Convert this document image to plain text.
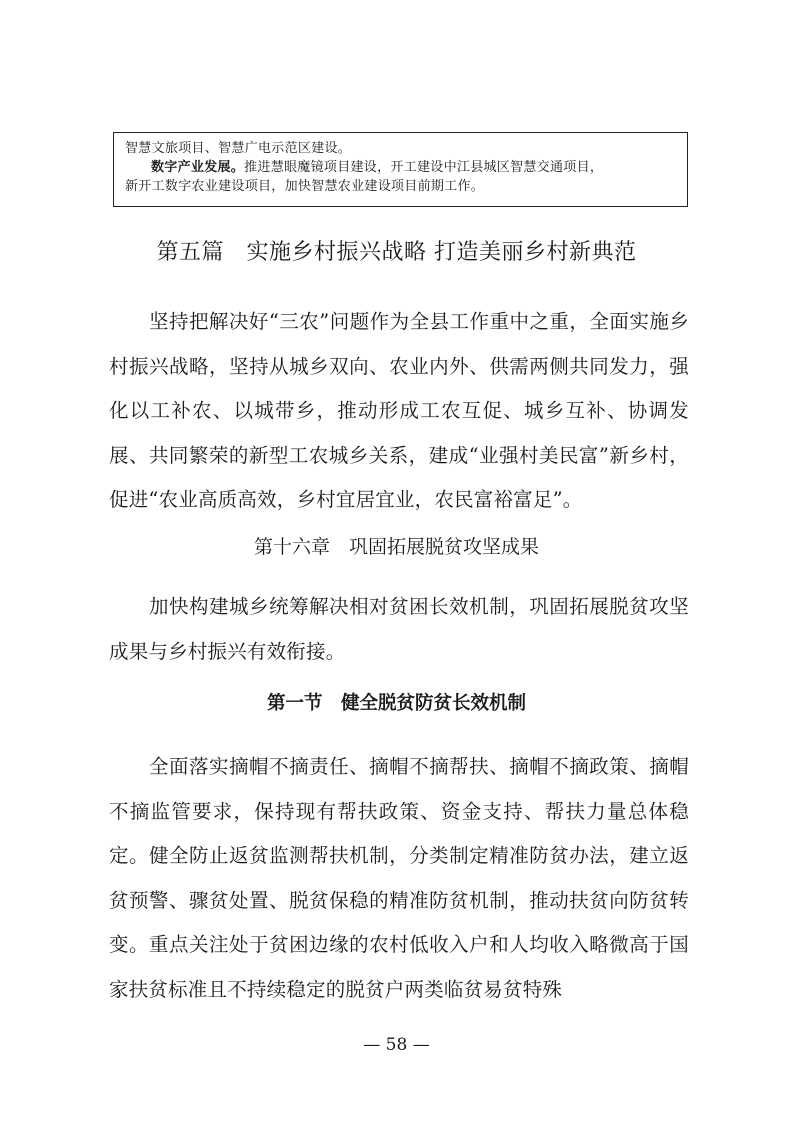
智慧文旅项目、智慧广电示范区建设。

数字产业发展。推进慧眼魔镜项目建设，开工建设中江县城区智慧交通项目，

新开工数字农业建设项目，加快智慧农业建设项目前期工作。

第五篇　实施乡村振兴战略 打造美丽乡村新典范

坚持把解决好“三农”问题作为全县工作重中之重，全面实施乡村振兴战略，坚持从城乡双向、农业内外、供需两侧共同发力，强化以工补农、以城带乡，推动形成工农互促、城乡互补、协调发展、共同繁荣的新型工农城乡关系，建成“业强村美民富”新乡村，促进“农业高质高效，乡村宜居宜业，农民富裕富足”。

第十六章　巩固拓展脱贫攻坚成果

加快构建城乡统筹解决相对贫困长效机制，巩固拓展脱贫攻坚成果与乡村振兴有效衔接。

第一节　健全脱贫防贫长效机制

全面落实摘帽不摘责任、摘帽不摘帮扶、摘帽不摘政策、摘帽不摘监管要求，保持现有帮扶政策、资金支持、帮扶力量总体稳定。健全防止返贫监测帮扶机制，分类制定精准防贫办法，建立返贫预警、骤贫处置、脱贫保稳的精准防贫机制，推动扶贫向防贫转变。重点关注处于贫困边缘的农村低收入户和人均收入略微高于国家扶贫标准且不持续稳定的脱贫户两类临贫易贫特殊

— 58 —
